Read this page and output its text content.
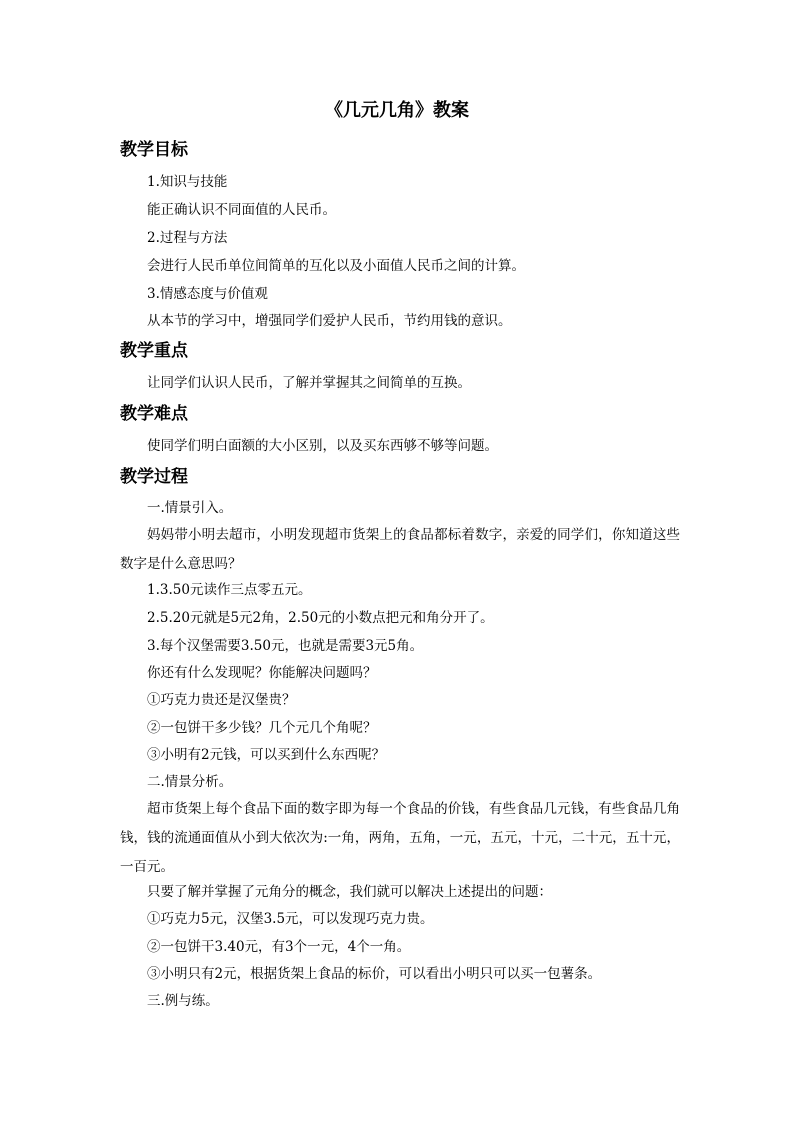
《几元几角》教案
教学目标
1.知识与技能
能正确认识不同面值的人民币。
2.过程与方法
会进行人民币单位间简单的互化以及小面值人民币之间的计算。
3.情感态度与价值观
从本节的学习中，增强同学们爱护人民币，节约用钱的意识。
教学重点
让同学们认识人民币，了解并掌握其之间简单的互换。
教学难点
使同学们明白面额的大小区别，以及买东西够不够等问题。
教学过程
一.情景引入。
妈妈带小明去超市，小明发现超市货架上的食品都标着数字，亲爱的同学们，你知道这些数字是什么意思吗？
1.3.50元读作三点零五元。
2.5.20元就是5元2角，2.50元的小数点把元和角分开了。
3.每个汉堡需要3.50元，也就是需要3元5角。
你还有什么发现呢？你能解决问题吗？
①巧克力贵还是汉堡贵？
②一包饼干多少钱？几个元几个角呢？
③小明有2元钱，可以买到什么东西呢？
二.情景分析。
超市货架上每个食品下面的数字即为每一个食品的价钱，有些食品几元钱，有些食品几角钱，钱的流通面值从小到大依次为:一角，两角，五角，一元，五元，十元，二十元，五十元，一百元。
只要了解并掌握了元角分的概念，我们就可以解决上述提出的问题：
①巧克力5元，汉堡3.5元，可以发现巧克力贵。
②一包饼干3.40元，有3个一元，4个一角。
③小明只有2元，根据货架上食品的标价，可以看出小明只可以买一包薯条。
三.例与练。
